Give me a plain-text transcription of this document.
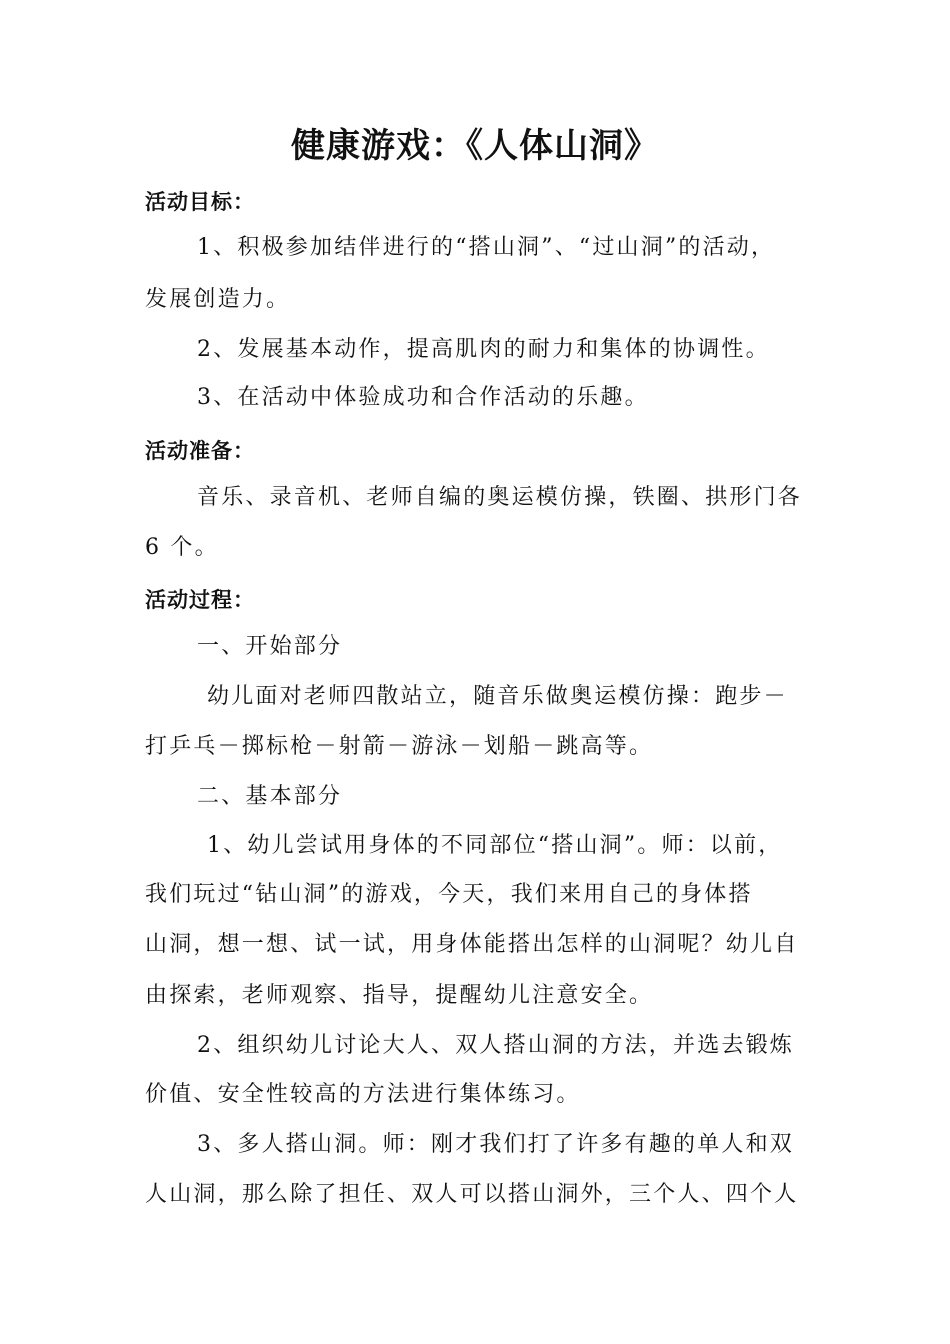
健康游戏：《人体山洞》

活动目标：

1、积极参加结伴进行的“搭山洞”、“过山洞”的活动，

发展创造力。

2、发展基本动作，提高肌肉的耐力和集体的协调性。

3、在活动中体验成功和合作活动的乐趣。

活动准备：

音乐、录音机、老师自编的奥运模仿操，铁圈、拱形门各

6 个。

活动过程：

一、开始部分

幼儿面对老师四散站立，随音乐做奥运模仿操：跑步－

打乒乓－掷标枪－射箭－游泳－划船－跳高等。

二、基本部分

1、幼儿尝试用身体的不同部位“搭山洞”。师：以前，

我们玩过“钻山洞”的游戏，今天，我们来用自己的身体搭

山洞，想一想、试一试，用身体能搭出怎样的山洞呢？幼儿自

由探索，老师观察、指导，提醒幼儿注意安全。

2、组织幼儿讨论大人、双人搭山洞的方法，并选去锻炼

价值、安全性较高的方法进行集体练习。

3、多人搭山洞。师：刚才我们打了许多有趣的单人和双

人山洞，那么除了担任、双人可以搭山洞外，三个人、四个人
